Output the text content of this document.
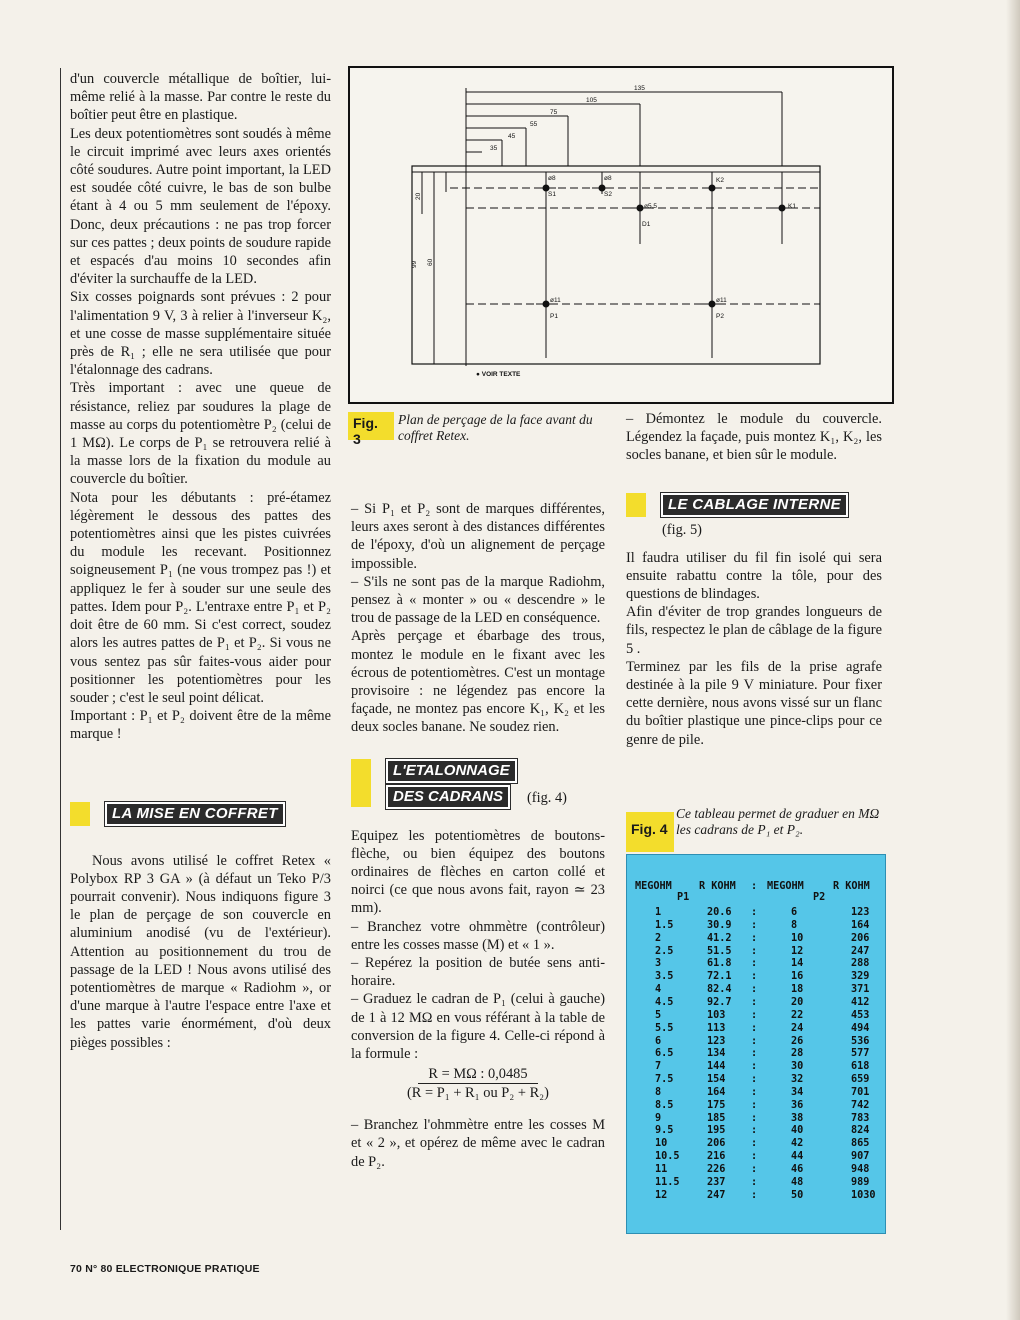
d'un couvercle métallique de boîtier, lui-même relié à la masse. Par contre le reste du boîtier peut être en plastique.

Les deux potentiomètres sont soudés à même le circuit imprimé avec leurs axes orientés côté soudures. Autre point important, la LED est soudée côté cuivre, le bas de son bulbe étant à 4 ou 5 mm seulement de l'époxy. Donc, deux précautions : ne pas trop forcer sur ces pattes ; deux points de soudure rapide et espacés d'au moins 10 secondes afin d'éviter la surchauffe de la LED.

Six cosses poignards sont prévues : 2 pour l'alimentation 9 V, 3 à relier à l'inverseur K₂, et une cosse de masse supplémentaire située près de R₁ ; elle ne sera utilisée que pour l'étalonnage des cadrans.

Très important : avec une queue de résistance, reliez par soudures la plage de masse au corps du potentiomètre P₂ (celui de 1 MΩ). Le corps de P₁ se retrouvera relié à la masse lors de la fixation du module au couvercle du boîtier.

Nota pour les débutants : pré-étamez légèrement le dessous des pattes des potentiomètres ainsi que les pistes cuivrées du module les recevant. Positionnez soigneusement P₁ (ne vous trompez pas !) et appliquez le fer à souder sur une seule des pattes. Idem pour P₂. L'entraxe entre P₁ et P₂ doit être de 60 mm. Si c'est correct, soudez alors les autres pattes de P₁ et P₂. Si vous ne vous sentez pas sûr faites-vous aider pour positionner les potentiomètres pour les souder ; c'est le seul point délicat.

Important : P₁ et P₂ doivent être de la même marque !

LA MISE EN COFFRET

Nous avons utilisé le coffret Retex « Polybox RP 3 GA » (à défaut un Teko P/3 pourrait convenir). Nous indiquons figure 3 le plan de perçage de son couvercle en aluminium anodisé (vu de l'extérieur). Attention au positionnement du trou de passage de la LED ! Nous avons utilisé des potentiomètres de marque « Radiohm », or d'une marque à l'autre l'espace entre l'axe et les pattes varie énormément, d'où deux pièges possibles :

135
105
75
55
45
35
20
60
99
ø8
S1
ø8
S2
K2
K1
ø5,5
D1
ø11
P1
ø11
P2
● VOIR TEXTE
Fig. 3
Plan de perçage de la face avant du coffret Retex.

– Si P₁ et P₂ sont de marques différentes, leurs axes seront à des distances différentes de l'époxy, d'où un alignement de perçage impossible.

– S'ils ne sont pas de la marque Radiohm, pensez à « monter » ou « descendre » le trou de passage de la LED en conséquence.

Après perçage et ébarbage des trous, montez le module en le fixant avec les écrous de potentiomètres. C'est un montage provisoire : ne légendez pas encore la façade, ne montez pas encore K₁, K₂ et les deux socles banane. Ne soudez rien.

L'ETALONNAGE
DES CADRANS	(fig. 4)

Equipez les potentiomètres de boutons-flèche, ou bien équipez des boutons ordinaires de flèches en carton collé et noirci (ce que nous avons fait, rayon ≃ 23 mm).

– Branchez votre ohmmètre (contrôleur) entre les cosses masse (M) et « 1 ».

– Repérez la position de butée sens anti-horaire.

– Graduez le cadran de P₁ (celui à gauche) de 1 à 12 MΩ en vous référant à la table de conversion de la figure 4. Celle-ci répond à la formule :

R = MΩ : 0,0485
(R = P₁ + R₁ ou P₂ + R₂)

– Branchez l'ohmmètre entre les cosses M et « 2 », et opérez de même avec le cadran de P₂.

– Démontez le module du couvercle. Légendez la façade, puis montez K₁, K₂, les socles banane, et bien sûr le module.

LE CABLAGE INTERNE
(fig. 5)

Il faudra utiliser du fil fin isolé qui sera ensuite rabattu contre la tôle, pour des questions de blindages.

Afin d'éviter de trop grandes longueurs de fils, respectez le plan de câblage de la figure 5 .

Terminez par les fils de la prise agrafe destinée à la pile 9 V miniature. Pour fixer cette dernière, nous avons vissé sur un flanc du boîtier plastique une pince-clips pour ce genre de pile.

Fig. 4
Ce tableau permet de graduer en MΩ les cadrans de P₁ et P₂.
MEGOHM	R KOHM : MEGOHM	R KOHM
P1	P2
1	20.6 :	6	123
1.5	30.9 :	8	164
2	41.2 :	10	206
2.5	51.5 :	12	247
3	61.8 :	14	288
3.5	72.1 :	16	329
4	82.4 :	18	371
4.5	92.7 :	20	412
5	103	:	22	453
5.5	113	:	24	494
6	123	:	26	536
6.5	134	:	28	577
7	144	:	30	618
7.5	154	:	32	659
8	164	:	34	701
8.5	175	:	36	742
9	185	:	38	783
9.5	195	:	40	824
10	206	:	42	865
10.5	216	:	44	907
11	226	:	46	948
11.5	237	:	48	989
12	247	:	50	1030
70 N° 80 ELECTRONIQUE PRATIQUE
